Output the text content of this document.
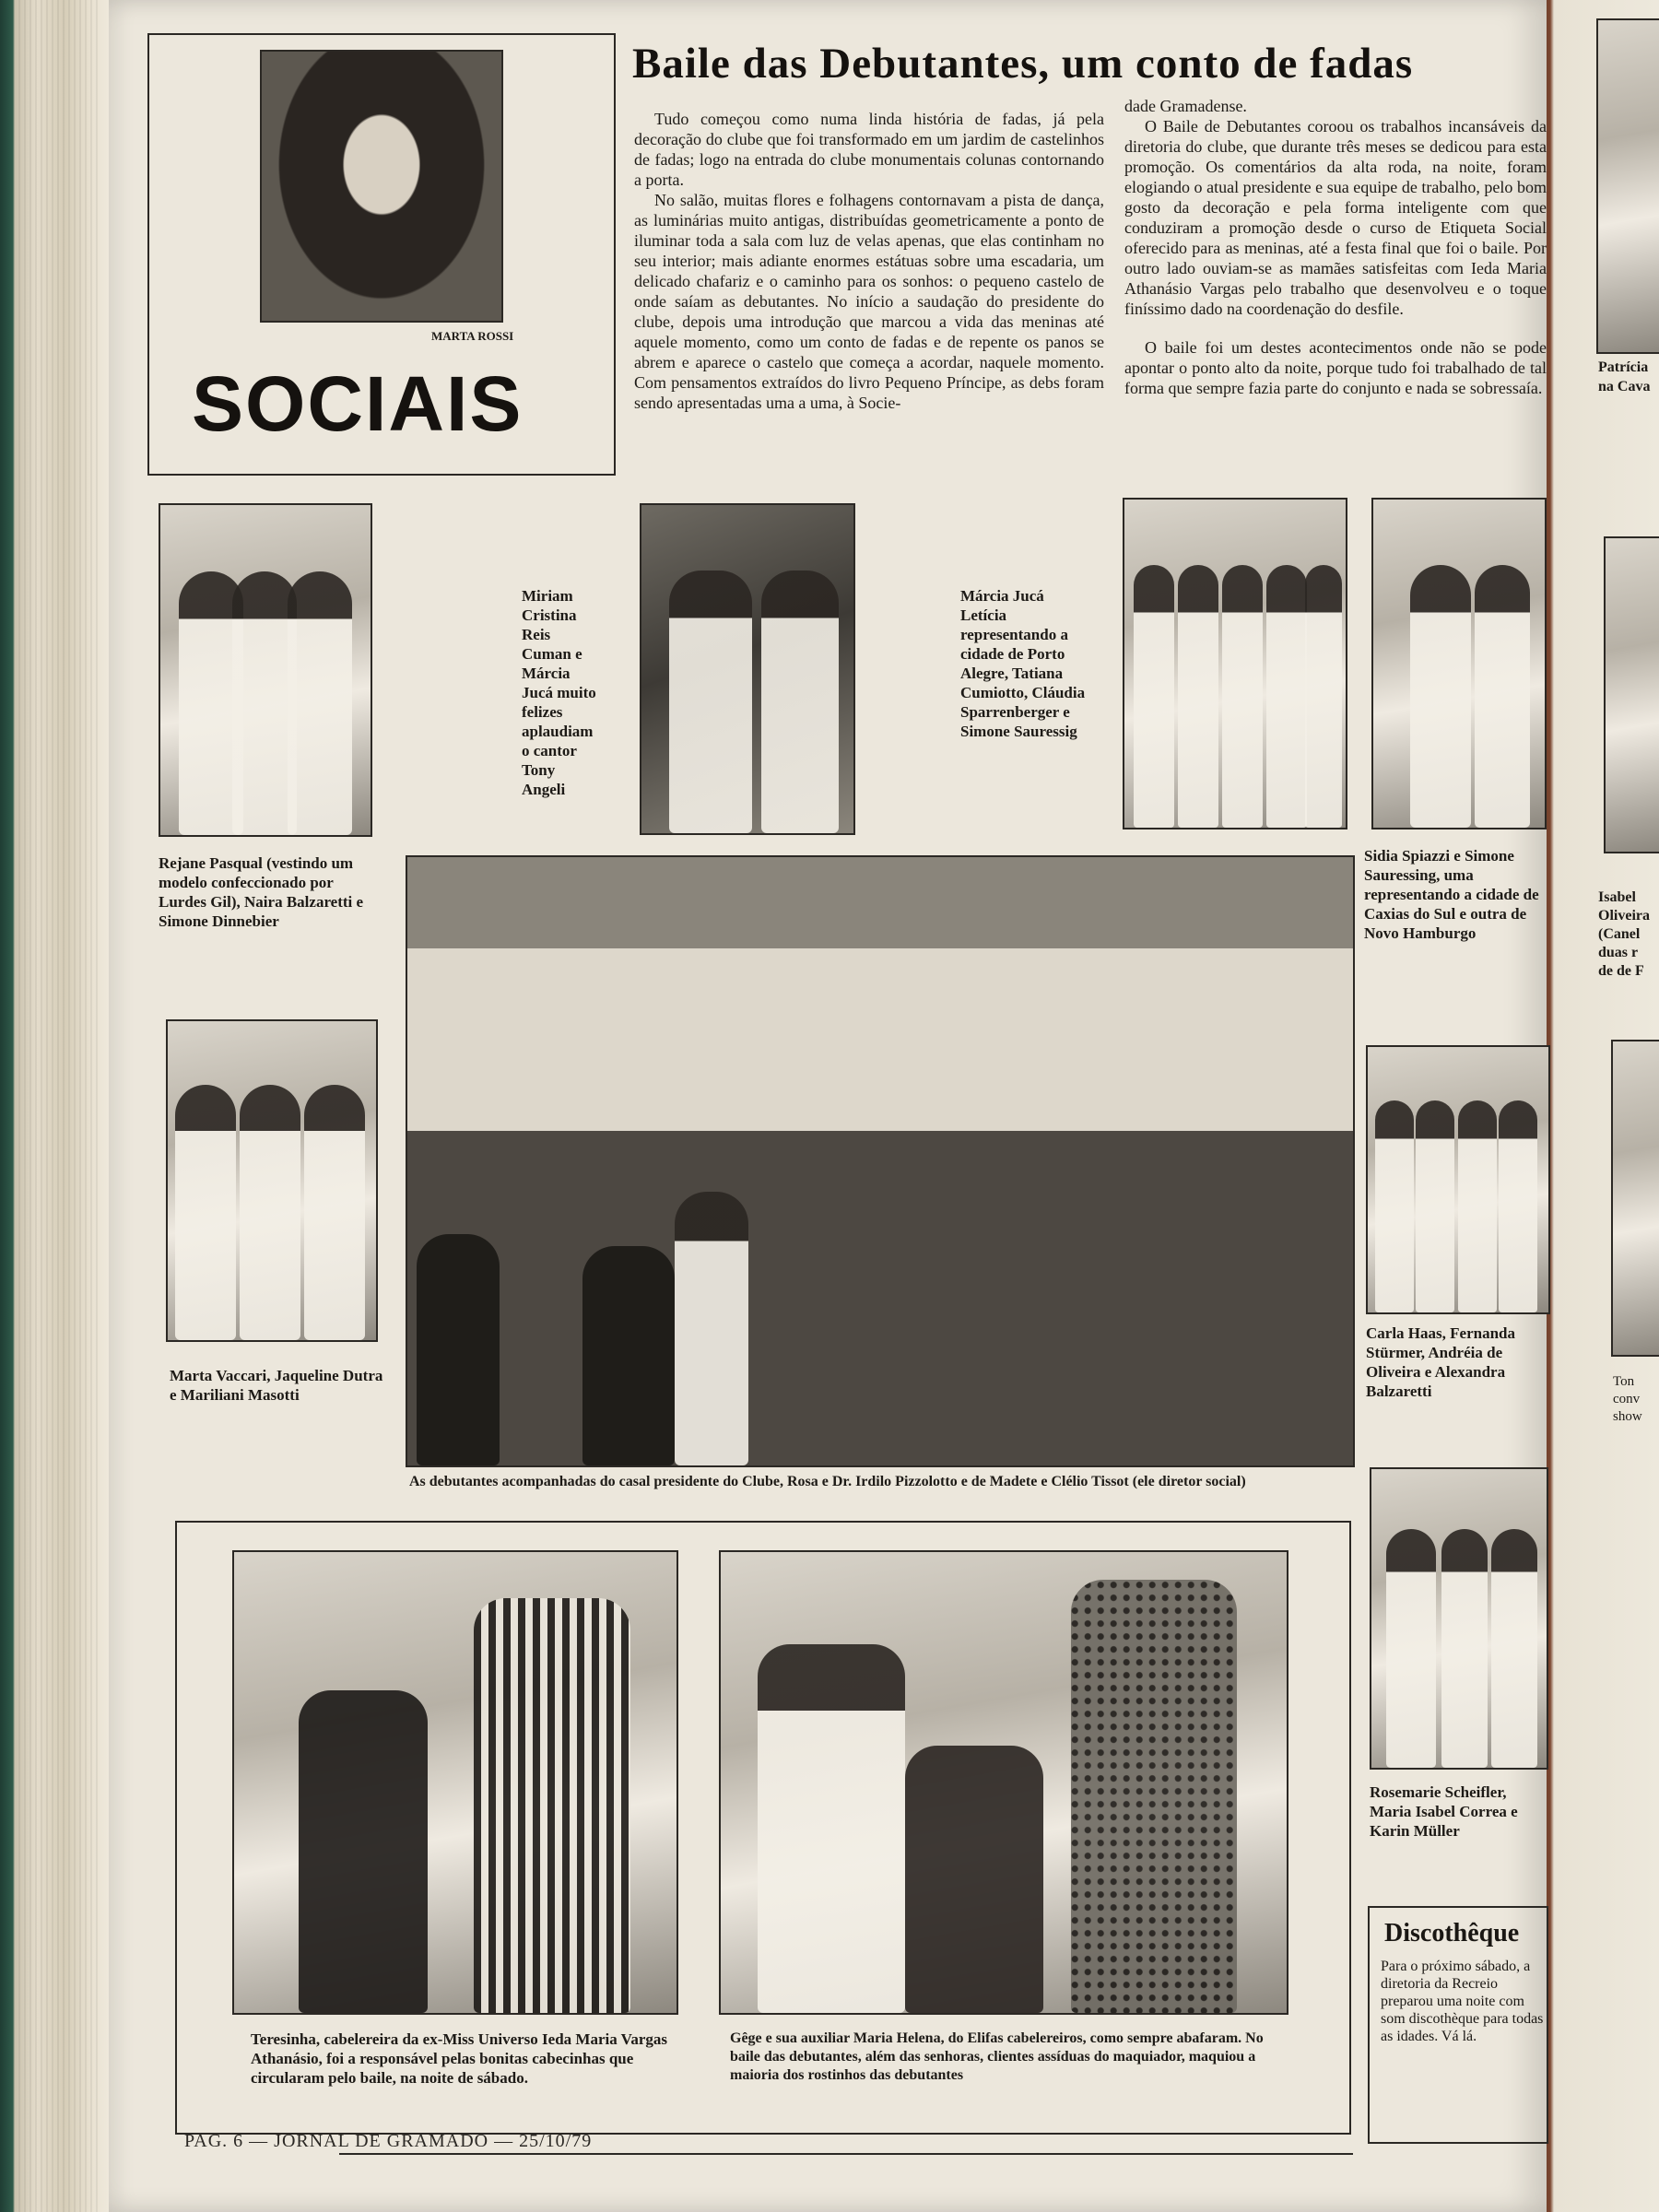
Patrícia
na Cava
Isabel
Oliveira
(Canel
duas r
de de F
Ton
conv
show
MARTA ROSSI
SOCIAIS
Baile das Debutantes, um conto de fadas

Tudo começou como numa linda história de fadas, já pela decoração do clube que foi transformado em um jardim de castelinhos de fadas; logo na entrada do clube monumentais colunas contornando a porta.

No salão, muitas flores e folhagens contornavam a pista de dança, as luminárias muito antigas, distribuídas geometricamente a ponto de iluminar toda a sala com luz de velas apenas, que elas continham no seu interior; mais adiante enormes estátuas sobre uma escadaria, um delicado chafariz e o caminho para os sonhos: o pequeno castelo de onde saíam as debutantes. No início a saudação do presidente do clube, depois uma introdução que marcou a vida das meninas até aquele momento, como um conto de fadas e de repente os panos se abrem e aparece o castelo que começa a acordar, naquele momento. Com pensamentos extraídos do livro Pequeno Príncipe, as debs foram sendo apresentadas uma a uma, à Socie-

dade Gramadense.

O Baile de Debutantes coroou os trabalhos incansáveis da diretoria do clube, que durante três meses se dedicou para esta promoção. Os comentários da alta roda, na noite, foram elogiando o atual presidente e sua equipe de trabalho, pelo bom gosto da decoração e pela forma inteligente com que conduziram a promoção desde o curso de Etiqueta Social oferecido para as meninas, até a festa final que foi o baile. Por outro lado ouviam-se as mamães satisfeitas com Ieda Maria Athanásio Vargas pelo trabalho que desenvolveu e o toque finíssimo dado na coordenação do desfile.

O baile foi um destes acontecimentos onde não se pode apontar o ponto alto da noite, porque tudo foi trabalhado de tal forma que sempre fazia parte do conjunto e nada se sobressaía.

Rejane Pasqual (vestindo um modelo confeccionado por Lurdes Gil), Naira Balzaretti e Simone Dinnebier
Miriam Cristina Reis Cuman e Márcia Jucá muito felizes aplaudiam o cantor Tony Angeli
Márcia Jucá Letícia representando a cidade de Porto Alegre, Tatiana Cumiotto, Cláudia Sparrenberger e Simone Sauressig
Sidia Spiazzi e Simone Sauressing, uma representando a cidade de Caxias do Sul e outra de Novo Hamburgo
As debutantes acompanhadas do casal presidente do Clube, Rosa e Dr. Irdilo Pizzolotto e de Madete e Clélio Tissot (ele diretor social)
Marta Vaccari, Jaqueline Dutra e Mariliani Masotti
Carla Haas, Fernanda Stürmer, Andréia de Oliveira e Alexandra Balzaretti
Rosemarie Scheifler, Maria Isabel Correa e Karin Müller
Teresinha, cabelereira da ex-Miss Universo Ieda Maria Vargas Athanásio, foi a responsável pelas bonitas cabecinhas que circularam pelo baile, na noite de sábado.
Gêge e sua auxiliar Maria Helena, do Elifas cabelereiros, como sempre abafaram. No baile das debutantes, além das senhoras, clientes assíduas do maquiador, maquiou a maioria dos rostinhos das debutantes
Discothêque
Para o próximo sábado, a diretoria da Recreio preparou uma noite com som discothèque para todas as idades. Vá lá.
PAG. 6 — JORNAL DE GRAMADO — 25/10/79
